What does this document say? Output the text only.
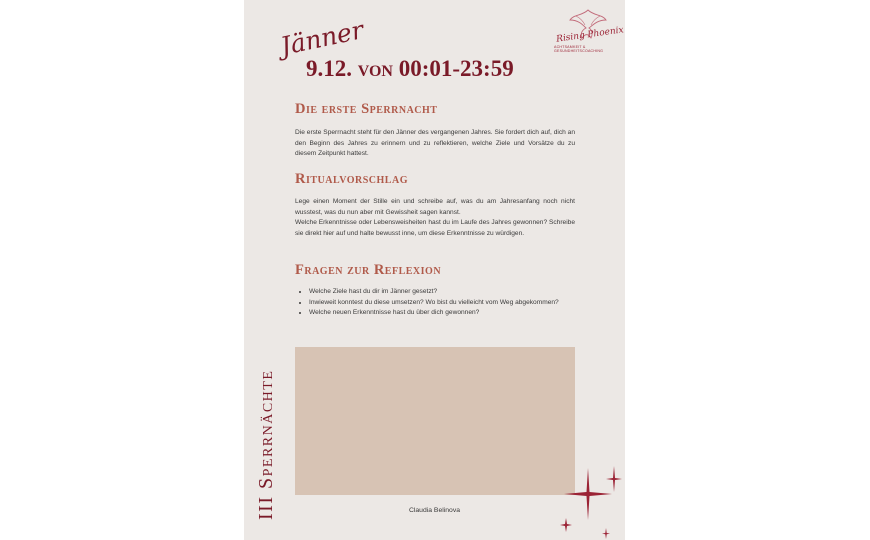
Rising Phoenix
ACHTSAMKEIT & GESUNDHEITSCOACHING
Jänner
9.12. von 00:01-23:59
Die erste Sperrnacht

Die erste Sperrnacht steht für den Jänner des vergangenen Jahres. Sie fordert dich auf, dich an den Beginn des Jahres zu erinnern und zu reflektieren, welche Ziele und Vorsätze du zu diesem Zeitpunkt hattest.

Ritualvorschlag

Lege einen Moment der Stille ein und schreibe auf, was du am Jahresanfang noch nicht wusstest, was du nun aber mit Gewissheit sagen kannst.
Welche Erkenntnisse oder Lebensweisheiten hast du im Laufe des Jahres gewonnen? Schreibe sie direkt hier auf und halte bewusst inne, um diese Erkenntnisse zu würdigen.

Fragen zur Reflexion
• Welche Ziele hast du dir im Jänner gesetzt?
• Inwieweit konntest du diese umsetzen? Wo bist du vielleicht vom Weg abgekommen?
• Welche neuen Erkenntnisse hast du über dich gewonnen?
Claudia Belinova
III Sperrnächte
